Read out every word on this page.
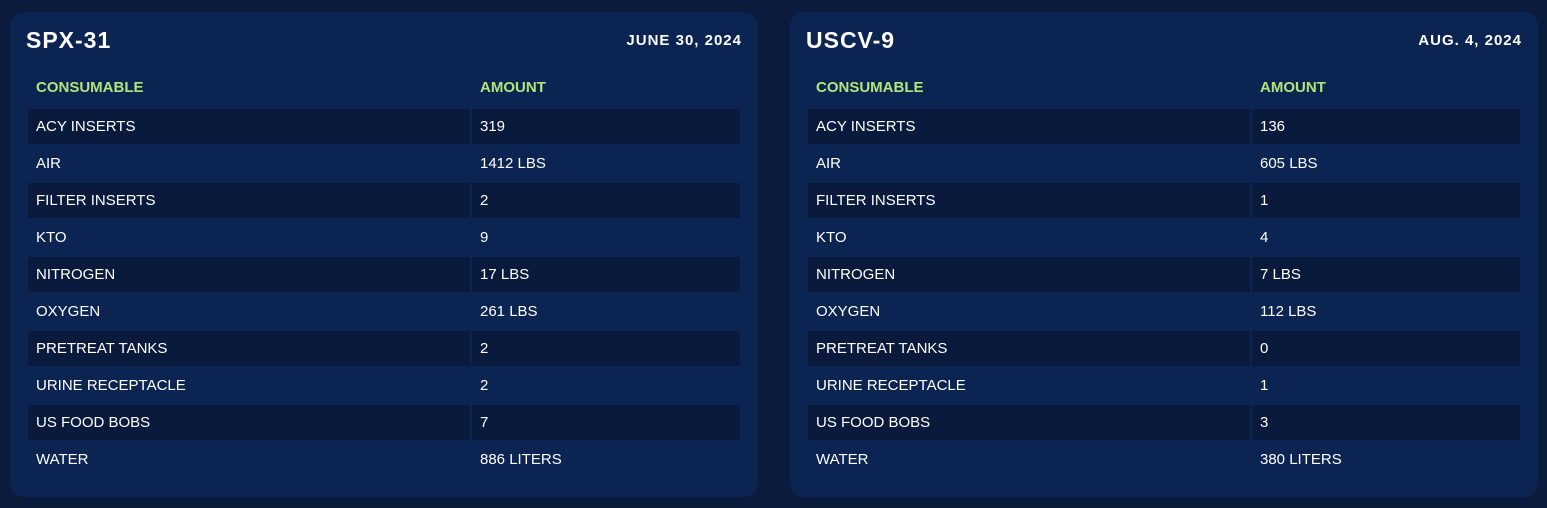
SPX-31	JUNE 30, 2024
CONSUMABLE	AMOUNT
ACY INSERTS	319
AIR	1412 LBS
FILTER INSERTS	2
KTO	9
NITROGEN	17 LBS
OXYGEN	261 LBS
PRETREAT TANKS	2
URINE RECEPTACLE	2
US FOOD BOBS	7
WATER	886 LITERS
USCV-9	AUG. 4, 2024
CONSUMABLE	AMOUNT
ACY INSERTS	136
AIR	605 LBS
FILTER INSERTS	1
KTO	4
NITROGEN	7 LBS
OXYGEN	112 LBS
PRETREAT TANKS	0
URINE RECEPTACLE	1
US FOOD BOBS	3
WATER	380 LITERS
